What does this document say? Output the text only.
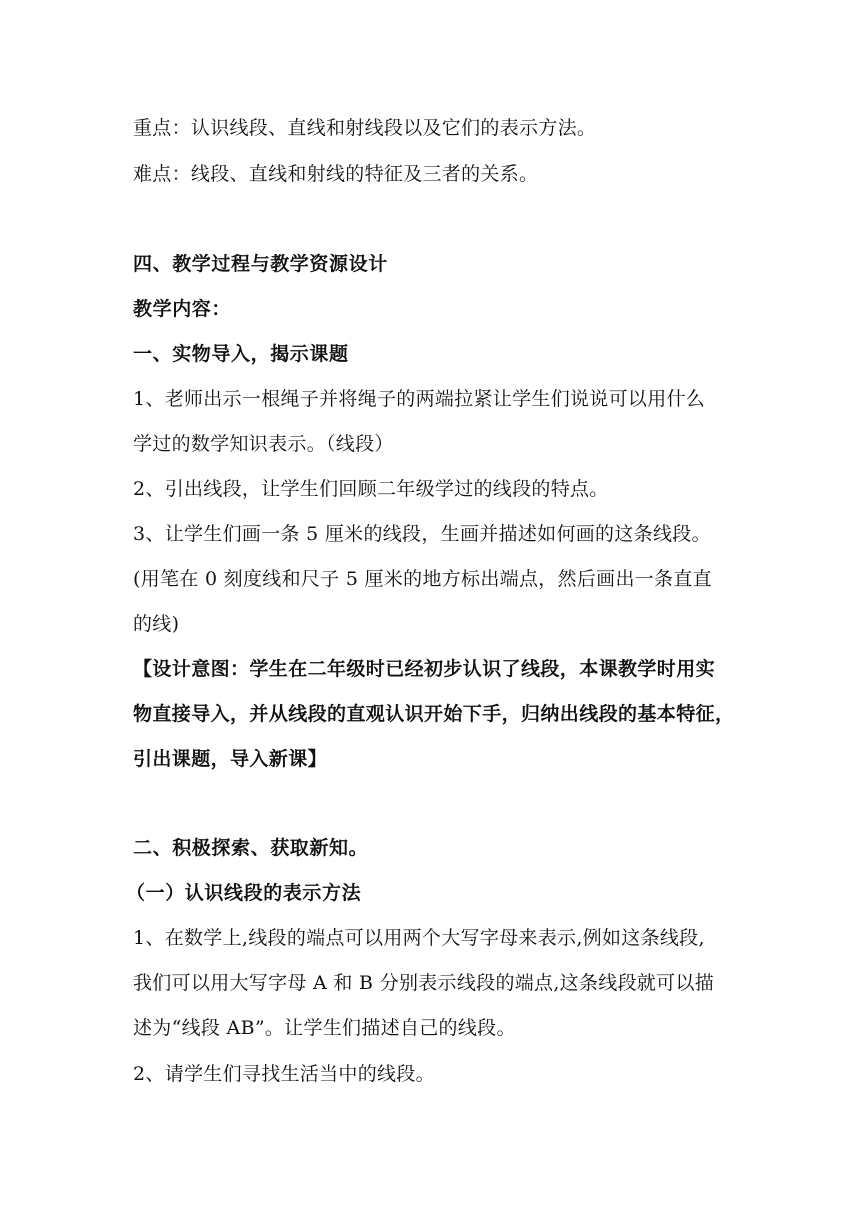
重点：认识线段、直线和射线段以及它们的表示方法。
难点：线段、直线和射线的特征及三者的关系。
四、教学过程与教学资源设计
教学内容：
一、实物导入，揭示课题
1、老师出示一根绳子并将绳子的两端拉紧让学生们说说可以用什么
学过的数学知识表示。（线段）
2、引出线段，让学生们回顾二年级学过的线段的特点。
3、让学生们画一条 5 厘米的线段，生画并描述如何画的这条线段。
(用笔在 0 刻度线和尺子 5 厘米的地方标出端点，然后画出一条直直
的线)
【设计意图：学生在二年级时已经初步认识了线段，本课教学时用实
物直接导入，并从线段的直观认识开始下手，归纳出线段的基本特征，
引出课题，导入新课】
二、积极探索、获取新知。
（一）认识线段的表示方法
1、在数学上,线段的端点可以用两个大写字母来表示,例如这条线段,
我们可以用大写字母 A 和 B 分别表示线段的端点,这条线段就可以描
述为“线段 AB”。让学生们描述自己的线段。
2、请学生们寻找生活当中的线段。
